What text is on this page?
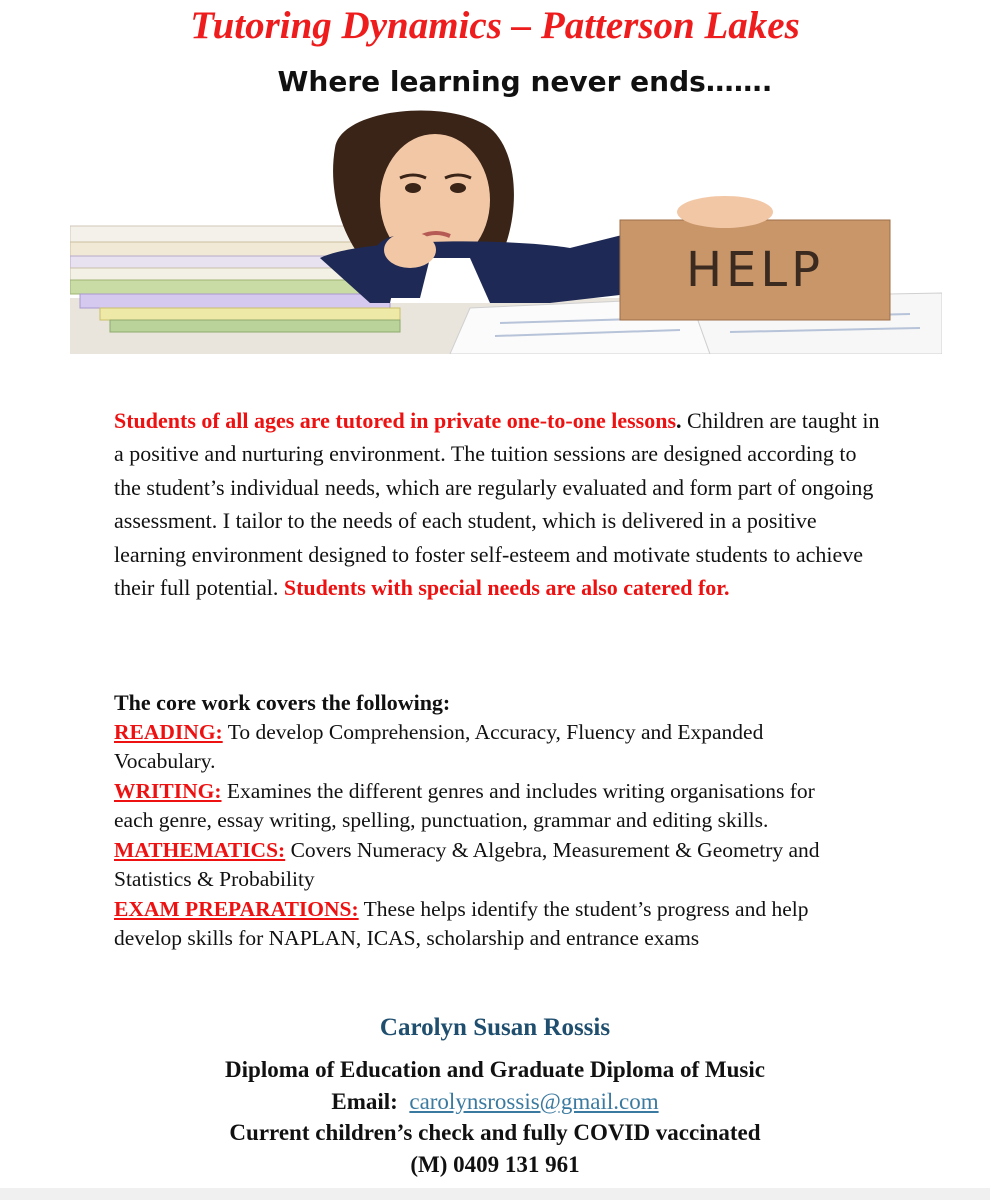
Tutoring Dynamics – Patterson Lakes
Where learning never ends…….
HELP
Students of all ages are tutored in private one-to-one lessons. Children are taught in a positive and nurturing environment. The tuition sessions are designed according to the student’s individual needs, which are regularly evaluated and form part of ongoing assessment. I tailor to the needs of each student, which is delivered in a positive learning environment designed to foster self-esteem and motivate students to achieve their full potential. Students with special needs are also catered for.
The core work covers the following:
READING: To develop Comprehension, Accuracy, Fluency and Expanded Vocabulary.
WRITING: Examines the different genres and includes writing organisations for each genre, essay writing, spelling, punctuation, grammar and editing skills.
MATHEMATICS: Covers Numeracy & Algebra, Measurement & Geometry and Statistics & Probability
EXAM PREPARATIONS: These helps identify the student’s progress and help develop skills for NAPLAN, ICAS, scholarship and entrance exams
Carolyn Susan Rossis
Diploma of Education and Graduate Diploma of Music
Email: carolynsrossis@gmail.com
Current children’s check and fully COVID vaccinated
(M) 0409 131 961
